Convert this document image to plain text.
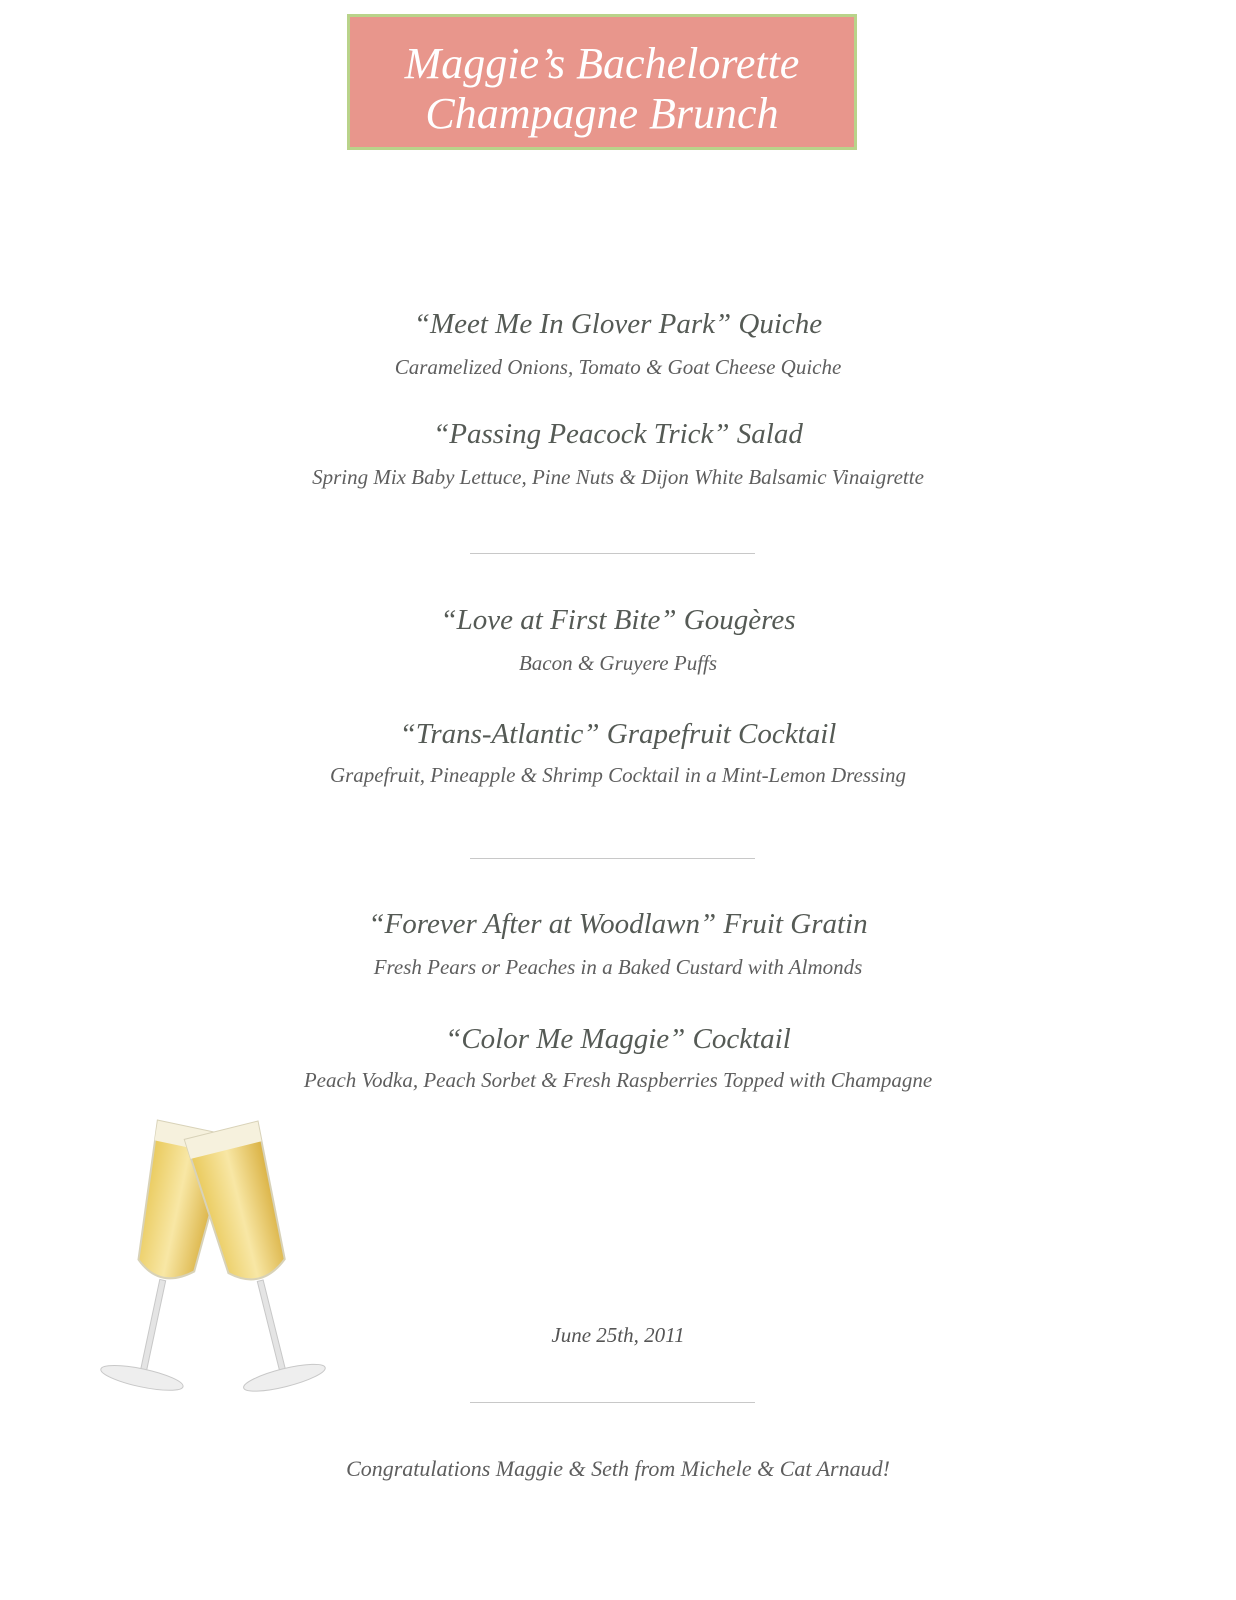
Maggie’s Bachelorette
Champagne Brunch
“Meet Me In Glover Park” Quiche
Caramelized Onions, Tomato & Goat Cheese Quiche
“Passing Peacock Trick” Salad
Spring Mix Baby Lettuce, Pine Nuts & Dijon White Balsamic Vinaigrette
“Love at First Bite” Gougères
Bacon & Gruyere Puffs
“Trans-Atlantic” Grapefruit Cocktail
Grapefruit, Pineapple & Shrimp Cocktail in a Mint-Lemon Dressing
“Forever After at Woodlawn” Fruit Gratin
Fresh Pears or Peaches in a Baked Custard with Almonds
“Color Me Maggie” Cocktail
Peach Vodka, Peach Sorbet & Fresh Raspberries Topped with Champagne
June 25th, 2011
Congratulations Maggie & Seth from Michele & Cat Arnaud!
